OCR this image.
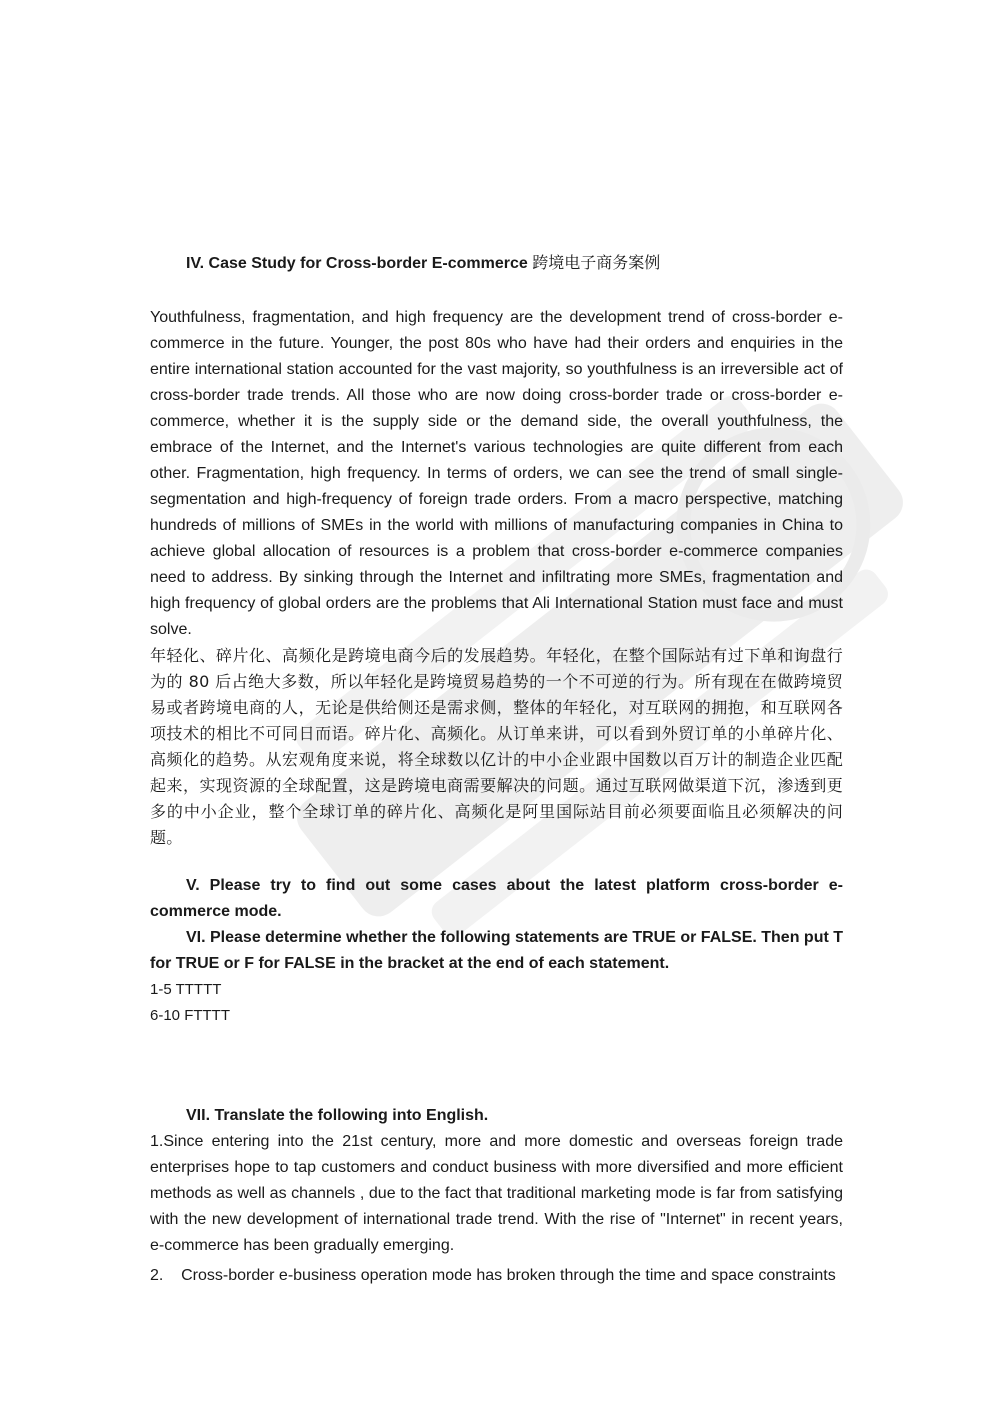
IV. Case Study for Cross-border E-commerce 跨境电子商务案例

Youthfulness, fragmentation, and high frequency are the development trend of cross-border e-commerce in the future. Younger, the post 80s who have had their orders and enquiries in the entire international station accounted for the vast majority, so youthfulness is an irreversible act of cross-border trade trends. All those who are now doing cross-border trade or cross-border e-commerce, whether it is the supply side or the demand side, the overall youthfulness, the embrace of the Internet, and the Internet's various technologies are quite different from each other. Fragmentation, high frequency. In terms of orders, we can see the trend of small single-segmentation and high-frequency of foreign trade orders. From a macro perspective, matching hundreds of millions of SMEs in the world with millions of manufacturing companies in China to achieve global allocation of resources is a problem that cross-border e-commerce companies need to address. By sinking through the Internet and infiltrating more SMEs, fragmentation and high frequency of global orders are the problems that Ali International Station must face and must solve.

年轻化、碎片化、高频化是跨境电商今后的发展趋势。年轻化，在整个国际站有过下单和询盘行为的 80 后占绝大多数，所以年轻化是跨境贸易趋势的一个不可逆的行为。所有现在在做跨境贸易或者跨境电商的人，无论是供给侧还是需求侧，整体的年轻化，对互联网的拥抱，和互联网各项技术的相比不可同日而语。碎片化、高频化。从订单来讲，可以看到外贸订单的小单碎片化、高频化的趋势。从宏观角度来说，将全球数以亿计的中小企业跟中国数以百万计的制造企业匹配起来，实现资源的全球配置，这是跨境电商需要解决的问题。通过互联网做渠道下沉，渗透到更多的中小企业，整个全球订单的碎片化、高频化是阿里国际站目前必须要面临且必须解决的问题。

V. Please try to find out some cases about the latest platform cross-border e-commerce mode.

VI. Please determine whether the following statements are TRUE or FALSE. Then put T for TRUE or F for FALSE in the bracket at the end of each statement.

1-5 TTTTT

6-10 FTTTT

VII. Translate the following into English.

1.Since entering into the 21st century, more and more domestic and overseas foreign trade enterprises hope to tap customers and conduct business with more diversified and more efficient methods as well as channels , due to the fact that traditional marketing mode is far from satisfying with the new development of international trade trend. With the rise of "Internet" in recent years, e-commerce has been gradually emerging.

2.    Cross-border e-business operation mode has broken through the time and space constraints
